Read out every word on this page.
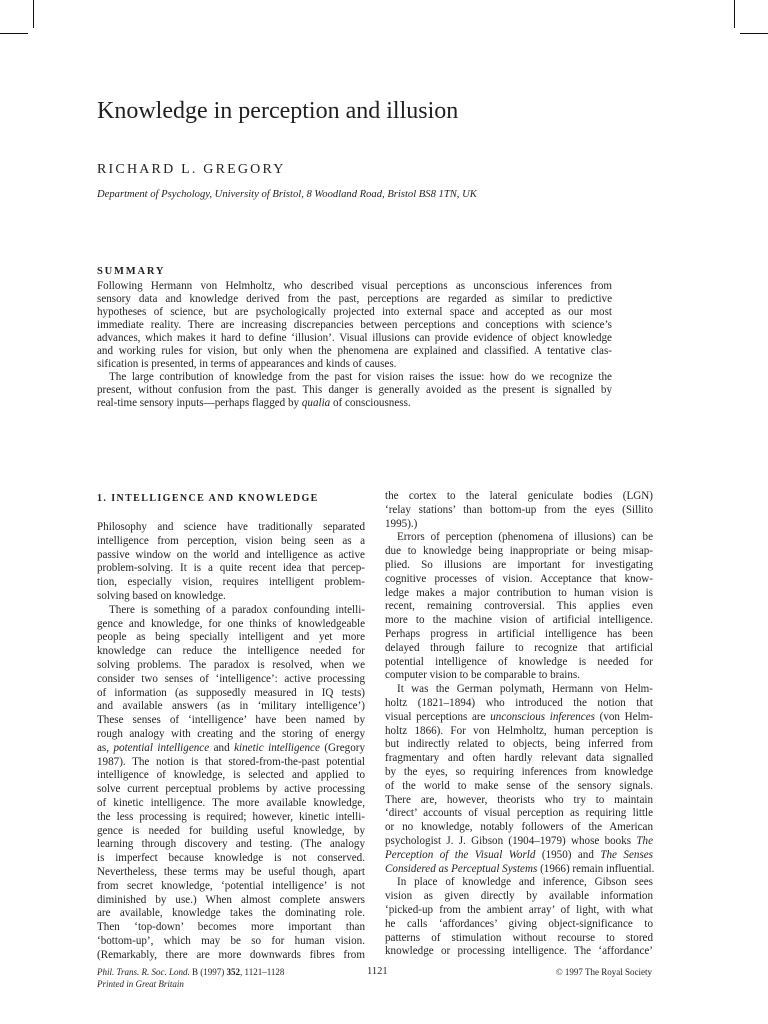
Knowledge in perception and illusion
RICHARD L. GREGORY
Department of Psychology, University of Bristol, 8 Woodland Road, Bristol BS8 1TN, UK
SUMMARY
Following Hermann von Helmholtz, who described visual perceptions as unconscious inferences from
sensory data and knowledge derived from the past, perceptions are regarded as similar to predictive
hypotheses of science, but are psychologically projected into external space and accepted as our most
immediate reality. There are increasing discrepancies between perceptions and conceptions with science’s
advances, which makes it hard to define ‘illusion’. Visual illusions can provide evidence of object knowledge
and working rules for vision, but only when the phenomena are explained and classified. A tentative clas-
sification is presented, in terms of appearances and kinds of causes.
The large contribution of knowledge from the past for vision raises the issue: how do we recognize the
present, without confusion from the past. This danger is generally avoided as the present is signalled by
real-time sensory inputs—perhaps flagged by qualia of consciousness.
1. INTELLIGENCE AND KNOWLEDGE
Philosophy and science have traditionally separated
intelligence from perception, vision being seen as a
passive window on the world and intelligence as active
problem-solving. It is a quite recent idea that percep-
tion, especially vision, requires intelligent problem-
solving based on knowledge.
There is something of a paradox confounding intelli-
gence and knowledge, for one thinks of knowledgeable
people as being specially intelligent and yet more
knowledge can reduce the intelligence needed for
solving problems. The paradox is resolved, when we
consider two senses of ‘intelligence’: active processing
of information (as supposedly measured in IQ tests)
and available answers (as in ‘military intelligence’)
These senses of ‘intelligence’ have been named by
rough analogy with creating and the storing of energy
as, potential intelligence and kinetic intelligence (Gregory
1987). The notion is that stored-from-the-past potential
intelligence of knowledge, is selected and applied to
solve current perceptual problems by active processing
of kinetic intelligence. The more available knowledge,
the less processing is required; however, kinetic intelli-
gence is needed for building useful knowledge, by
learning through discovery and testing. (The analogy
is imperfect because knowledge is not conserved.
Nevertheless, these terms may be useful though, apart
from secret knowledge, ‘potential intelligence’ is not
diminished by use.) When almost complete answers
are available, knowledge takes the dominating role.
Then ‘top-down’ becomes more important than
‘bottom-up’, which may be so for human vision.
(Remarkably, there are more downwards fibres from
the cortex to the lateral geniculate bodies (LGN)
‘relay stations’ than bottom-up from the eyes (Sillito
1995).)
Errors of perception (phenomena of illusions) can be
due to knowledge being inappropriate or being misap-
plied. So illusions are important for investigating
cognitive processes of vision. Acceptance that know-
ledge makes a major contribution to human vision is
recent, remaining controversial. This applies even
more to the machine vision of artificial intelligence.
Perhaps progress in artificial intelligence has been
delayed through failure to recognize that artificial
potential intelligence of knowledge is needed for
computer vision to be comparable to brains.
It was the German polymath, Hermann von Helm-
holtz (1821–1894) who introduced the notion that
visual perceptions are unconscious inferences (von Helm-
holtz 1866). For von Helmholtz, human perception is
but indirectly related to objects, being inferred from
fragmentary and often hardly relevant data signalled
by the eyes, so requiring inferences from knowledge
of the world to make sense of the sensory signals.
There are, however, theorists who try to maintain
‘direct’ accounts of visual perception as requiring little
or no knowledge, notably followers of the American
psychologist J. J. Gibson (1904–1979) whose books The
Perception of the Visual World (1950) and The Senses
Considered as Perceptual Systems (1966) remain influential.
In place of knowledge and inference, Gibson sees
vision as given directly by available information
‘picked-up from the ambient array’ of light, with what
he calls ‘affordances’ giving object-significance to
patterns of stimulation without recourse to stored
knowledge or processing intelligence. The ‘affordance’
Phil. Trans. R. Soc. Lond. B (1997) 352, 1121–1128
Printed in Great Britain
1121	© 1997 The Royal Society
